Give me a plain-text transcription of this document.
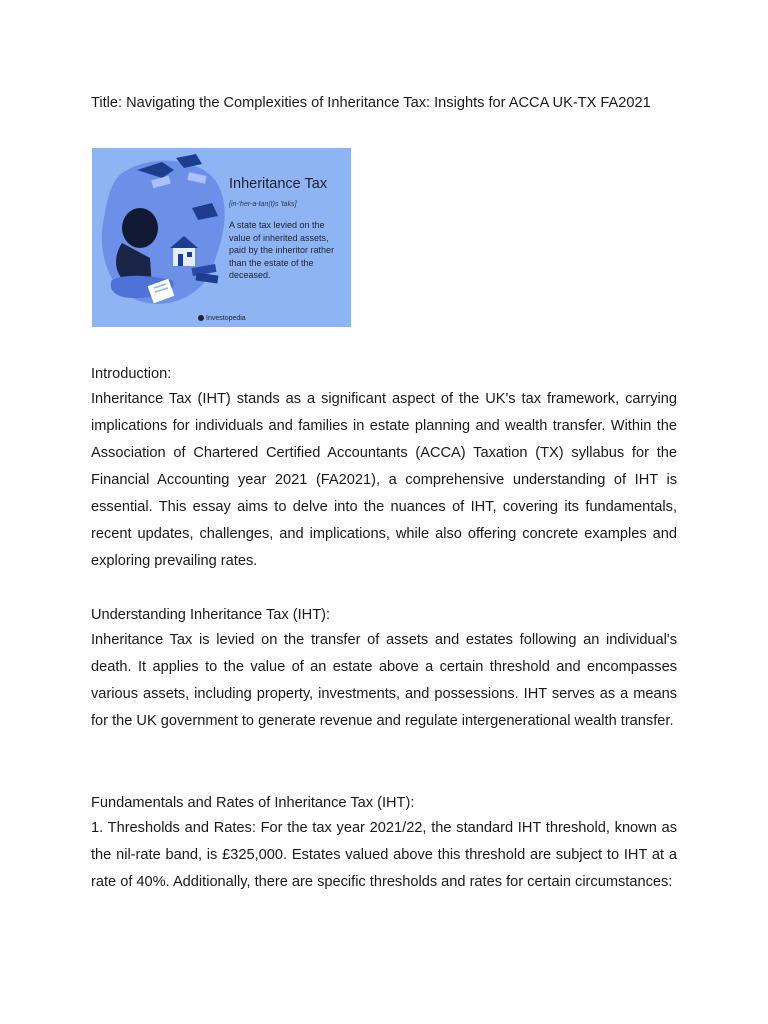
Title: Navigating the Complexities of Inheritance Tax: Insights for ACCA UK-TX FA2021
Inheritance Tax
[in-'her-a-tan(t)s 'taks]
A state tax levied on the value of inherited assets, paid by the inheritor rather than the estate of the deceased.
Investopedia
Introduction:
Inheritance Tax (IHT) stands as a significant aspect of the UK's tax framework, carrying implications for individuals and families in estate planning and wealth transfer. Within the Association of Chartered Certified Accountants (ACCA) Taxation (TX) syllabus for the Financial Accounting year 2021 (FA2021), a comprehensive understanding of IHT is essential. This essay aims to delve into the nuances of IHT, covering its fundamentals, recent updates, challenges, and implications, while also offering concrete examples and exploring prevailing rates.
Understanding Inheritance Tax (IHT):
Inheritance Tax is levied on the transfer of assets and estates following an individual's death. It applies to the value of an estate above a certain threshold and encompasses various assets, including property, investments, and possessions. IHT serves as a means for the UK government to generate revenue and regulate intergenerational wealth transfer.
Fundamentals and Rates of Inheritance Tax (IHT):
1. Thresholds and Rates: For the tax year 2021/22, the standard IHT threshold, known as the nil-rate band, is £325,000. Estates valued above this threshold are subject to IHT at a rate of 40%. Additionally, there are specific thresholds and rates for certain circumstances:
